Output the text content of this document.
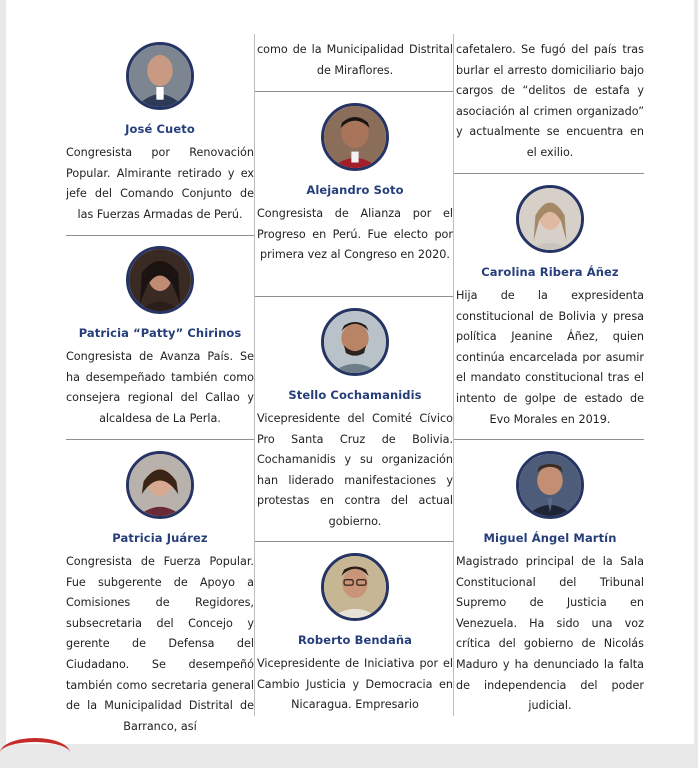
José Cueto
Congresista por Renovación Popular. Almirante retirado y ex jefe del Comando Conjunto de las Fuerzas Armadas de Perú.
Patricia “Patty” Chirinos
Congresista de Avanza País. Se ha desempeñado también como consejera regional del Callao y alcaldesa de La Perla.
Patricia Juárez
Congresista de Fuerza Popular. Fue subgerente de Apoyo a Comisiones de Regidores, subsecretaria del Concejo y gerente de Defensa del Ciudadano. Se desempeñó también como secretaria general de la Municipalidad Distrital de Barranco, así
como de la Municipalidad Distrital de Miraflores.
Alejandro Soto
Congresista de Alianza por el Progreso en Perú. Fue electo por primera vez al Congreso en 2020.
Stello Cochamanidis
Vicepresidente del Comité Cívico Pro Santa Cruz de Bolivia. Cochamanidis y su organización han liderado manifestaciones y protestas en contra del actual gobierno.
Roberto Bendaña
Vicepresidente de Iniciativa por el Cambio Justicia y Democracia en Nicaragua. Empresario
cafetalero. Se fugó del país tras burlar el arresto domiciliario bajo cargos de “delitos de estafa y asociación al crimen organizado” y actualmente se encuentra en el exilio.
Carolina Ribera Áñez
Hija de la expresidenta constitucional de Bolivia y presa política Jeanine Áñez, quien continúa encarcelada por asumir el mandato constitucional tras el intento de golpe de estado de Evo Morales en 2019.
Miguel Ángel Martín
Magistrado principal de la Sala Constitucional del Tribunal Supremo de Justicia en Venezuela. Ha sido una voz crítica del gobierno de Nicolás Maduro y ha denunciado la falta de independencia del poder judicial.
